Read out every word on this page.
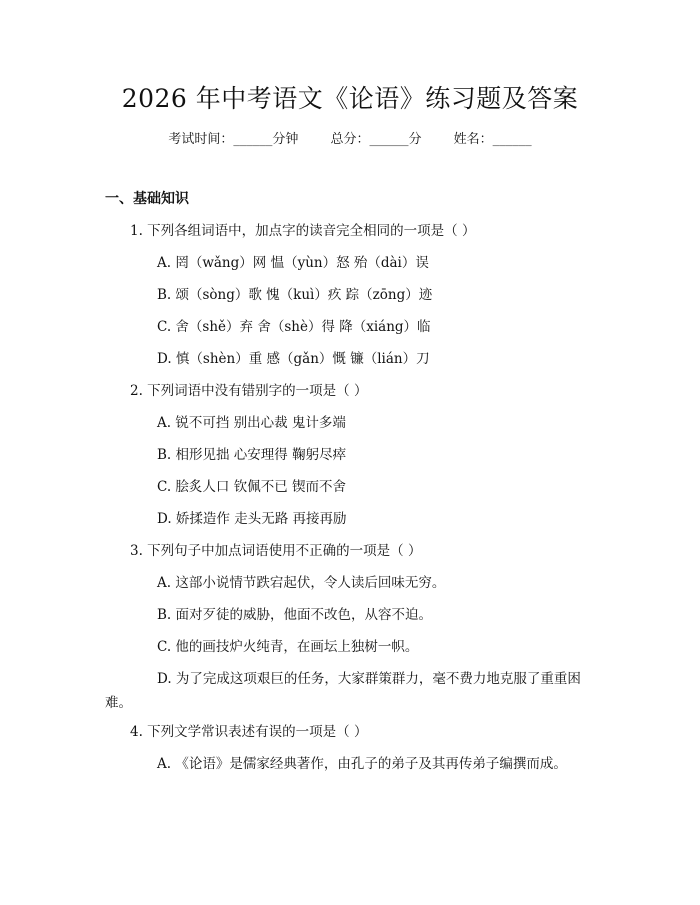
2026 年中考语文《论语》练习题及答案
考试时间：______分钟 总分：______分 姓名：______
一、基础知识
1. 下列各组词语中，加点字的读音完全相同的一项是（ ）
A. 罔（wǎng）网 愠（yùn）怒 殆（dài）误
B. 颂（sòng）歌 愧（kuì）疚 踪（zōng）迹
C. 舍（shě）弃 舍（shè）得 降（xiáng）临
D. 慎（shèn）重 感（gǎn）慨 镰（lián）刀
2. 下列词语中没有错别字的一项是（ ）
A. 锐不可挡 别出心裁 鬼计多端
B. 相形见拙 心安理得 鞠躬尽瘁
C. 脍炙人口 钦佩不已 锲而不舍
D. 娇揉造作 走头无路 再接再励
3. 下列句子中加点词语使用不正确的一项是（ ）
A. 这部小说情节跌宕起伏，令人读后回味无穷。
B. 面对歹徒的威胁，他面不改色，从容不迫。
C. 他的画技炉火纯青，在画坛上独树一帜。
D. 为了完成这项艰巨的任务，大家群策群力，毫不费力地克服了重重困难。
4. 下列文学常识表述有误的一项是（ ）
A. 《论语》是儒家经典著作，由孔子的弟子及其再传弟子编撰而成。
